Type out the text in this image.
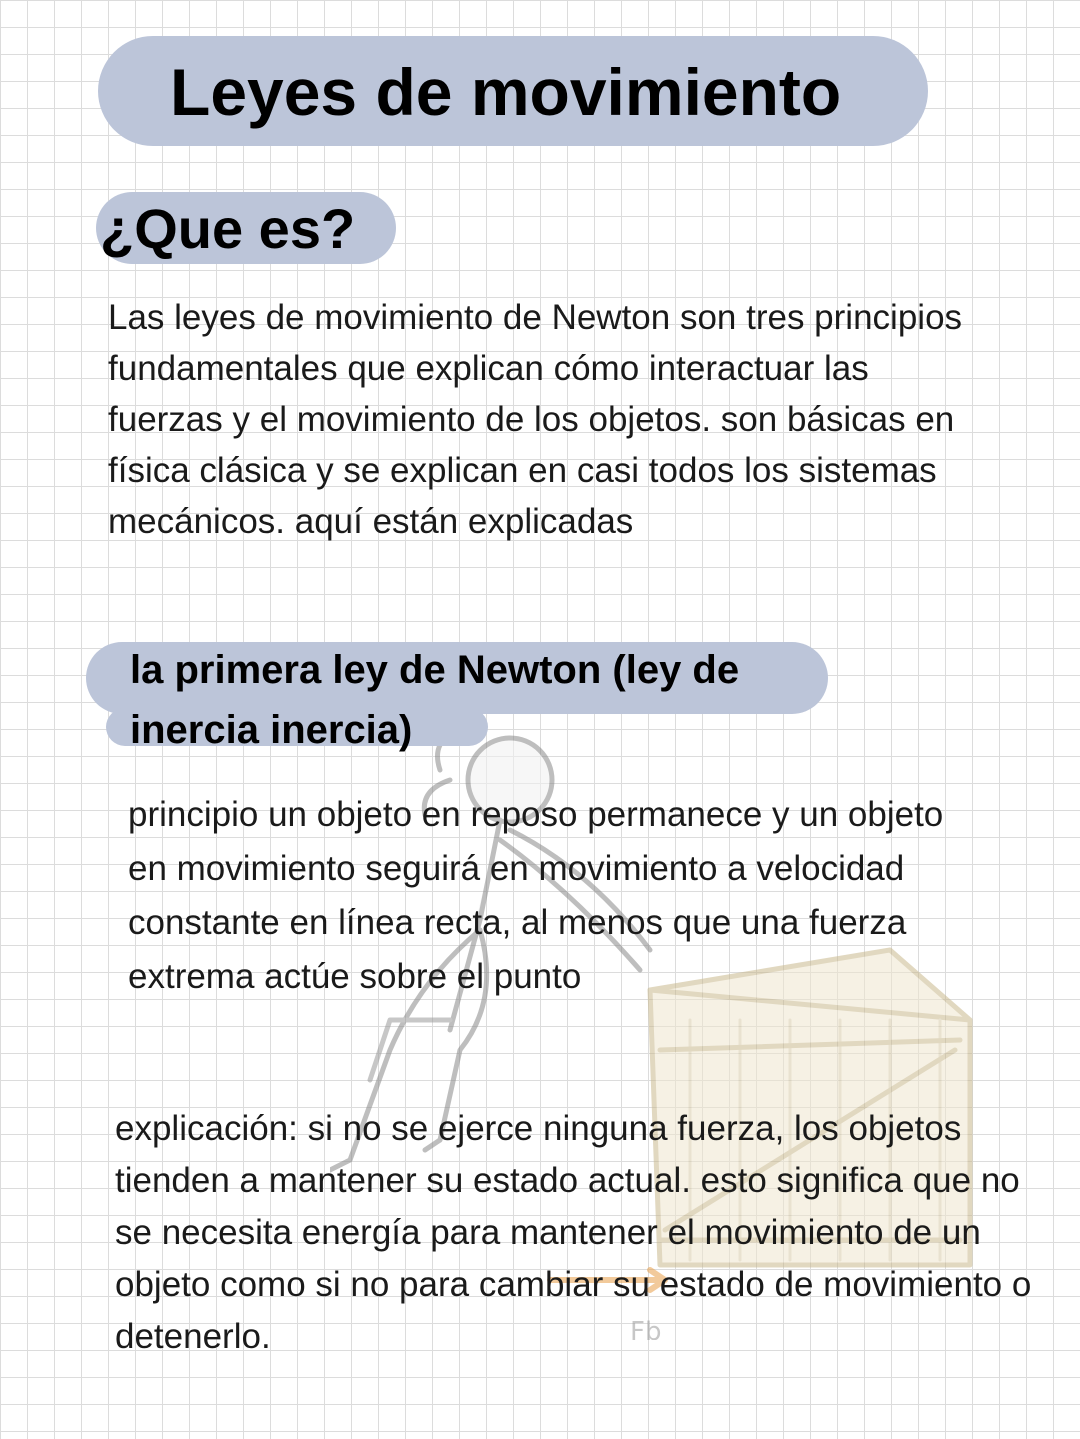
Fb
Leyes de movimiento
¿Que es?
Las leyes de movimiento de Newton son tres principios fundamentales que explican cómo interactuar las fuerzas y el movimiento de los objetos. son básicas en física clásica y se explican en casi todos los sistemas mecánicos. aquí están explicadas
la primera ley de Newton (ley de inercia inercia)
principio un objeto en reposo permanece y un objeto en movimiento seguirá en movimiento a velocidad constante en línea recta, al menos que una fuerza extrema actúe sobre el punto
explicación: si no se ejerce ninguna fuerza, los objetos tienden a mantener su estado actual. esto significa que no se necesita energía para mantener el movimiento de un objeto como si no para cambiar su estado de movimiento o detenerlo.
